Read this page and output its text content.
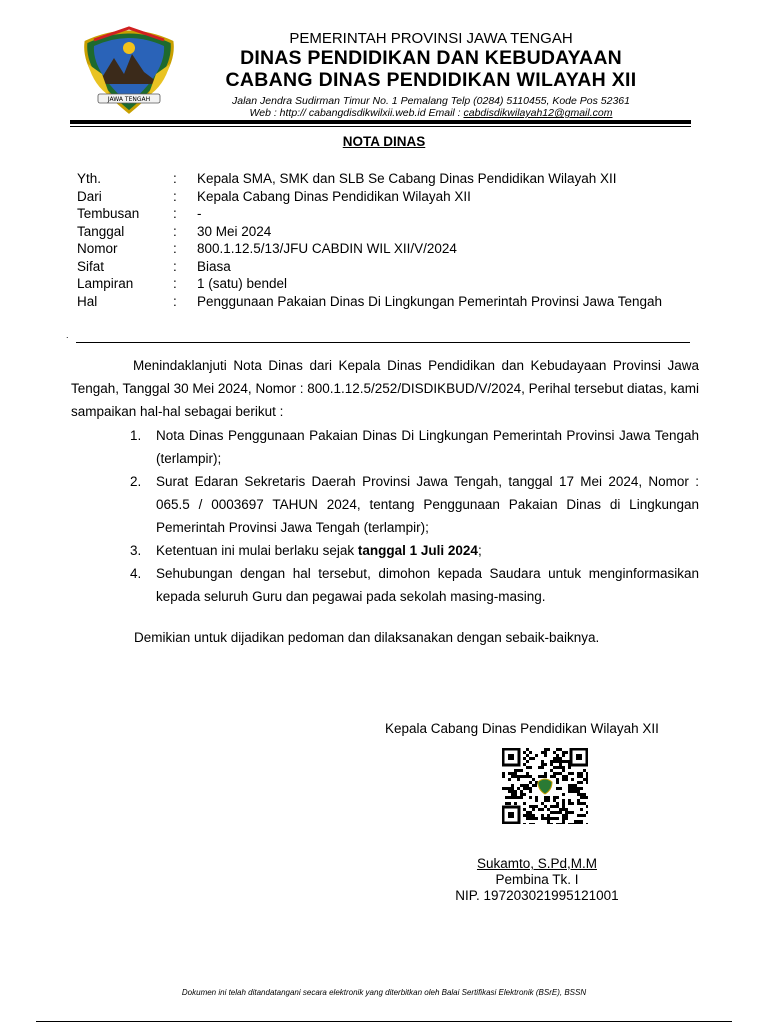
JAWA TENGAH
PEMERINTAH PROVINSI JAWA TENGAH
DINAS PENDIDIKAN DAN KEBUDAYAAN
CABANG DINAS PENDIDIKAN WILAYAH XII
Jalan Jendra Sudirman Timur No. 1 Pemalang Telp (0284) 5110455, Kode Pos 52361
Web : http:// cabangdisdikwilxii.web.id Email : cabdisdikwilayah12@gmail.com
NOTA DINAS
Yth.	:	Kepala SMA, SMK dan SLB Se Cabang Dinas Pendidikan Wilayah XII
Dari	:	Kepala Cabang Dinas Pendidikan Wilayah XII
Tembusan	:	-
Tanggal	:	30 Mei 2024
Nomor	:	800.1.12.5/13/JFU CABDIN WIL XII/V/2024
Sifat	:	Biasa
Lampiran	:	1 (satu) bendel
Hal	:	Penggunaan Pakaian Dinas Di Lingkungan Pemerintah Provinsi Jawa Tengah
.
Menindaklanjuti Nota Dinas dari Kepala Dinas Pendidikan dan Kebudayaan Provinsi Jawa Tengah, Tanggal 30 Mei 2024, Nomor : 800.1.12.5/252/DISDIKBUD/V/2024, Perihal tersebut diatas, kami sampaikan hal-hal sebagai berikut :
1.	Nota Dinas Penggunaan Pakaian Dinas Di Lingkungan Pemerintah Provinsi Jawa Tengah (terlampir);
2.	Surat Edaran Sekretaris Daerah Provinsi Jawa Tengah, tanggal 17 Mei 2024, Nomor : 065.5 / 0003697 TAHUN 2024, tentang Penggunaan Pakaian Dinas di Lingkungan Pemerintah Provinsi Jawa Tengah (terlampir);
3.	Ketentuan ini mulai berlaku sejak tanggal 1 Juli 2024;
4.	Sehubungan dengan hal tersebut, dimohon kepada Saudara untuk menginformasikan kepada seluruh Guru dan pegawai pada sekolah masing-masing.
Demikian untuk dijadikan pedoman dan dilaksanakan dengan sebaik-baiknya.
Kepala Cabang Dinas Pendidikan Wilayah XII
Sukamto, S.Pd,M.M
Pembina Tk. I
NIP. 197203021995121001
Dokumen ini telah ditandatangani secara elektronik yang diterbitkan oleh Balai Sertifikasi Elektronik (BSrE), BSSN
